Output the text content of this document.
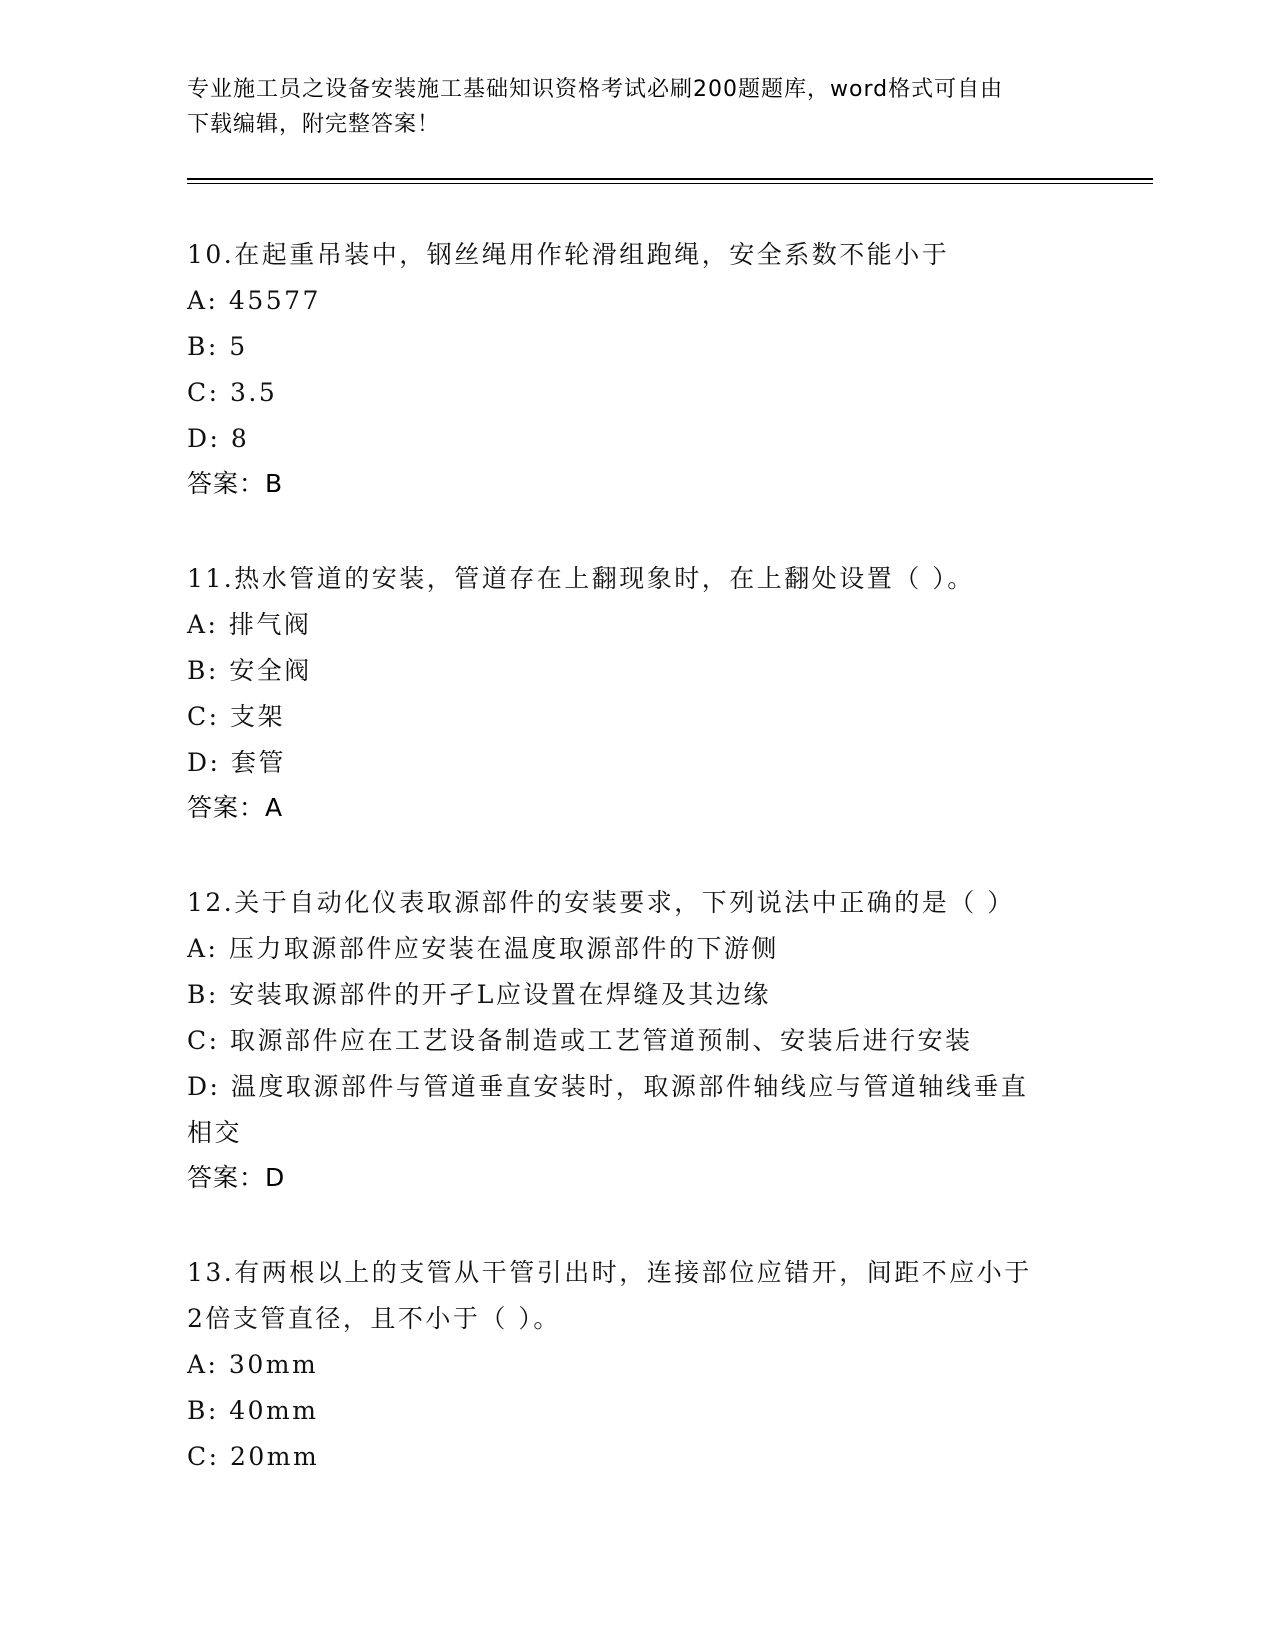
专业施工员之设备安装施工基础知识资格考试必刷200题题库，word格式可自由
下载编辑，附完整答案！
10.在起重吊装中，钢丝绳用作轮滑组跑绳，安全系数不能小于
A: 45577
B: 5
C: 3.5
D: 8
答案：B
11.热水管道的安装，管道存在上翻现象时，在上翻处设置（ ）。
A: 排气阀
B: 安全阀
C: 支架
D: 套管
答案：A
12.关于自动化仪表取源部件的安装要求，下列说法中正确的是（ ）
A: 压力取源部件应安装在温度取源部件的下游侧
B: 安装取源部件的开孑L应设置在焊缝及其边缘
C: 取源部件应在工艺设备制造或工艺管道预制、安装后进行安装
D: 温度取源部件与管道垂直安装时，取源部件轴线应与管道轴线垂直
相交
答案：D
13.有两根以上的支管从干管引出时，连接部位应错开，间距不应小于
2倍支管直径，且不小于（ ）。
A: 30mm
B: 40mm
C: 20mm
